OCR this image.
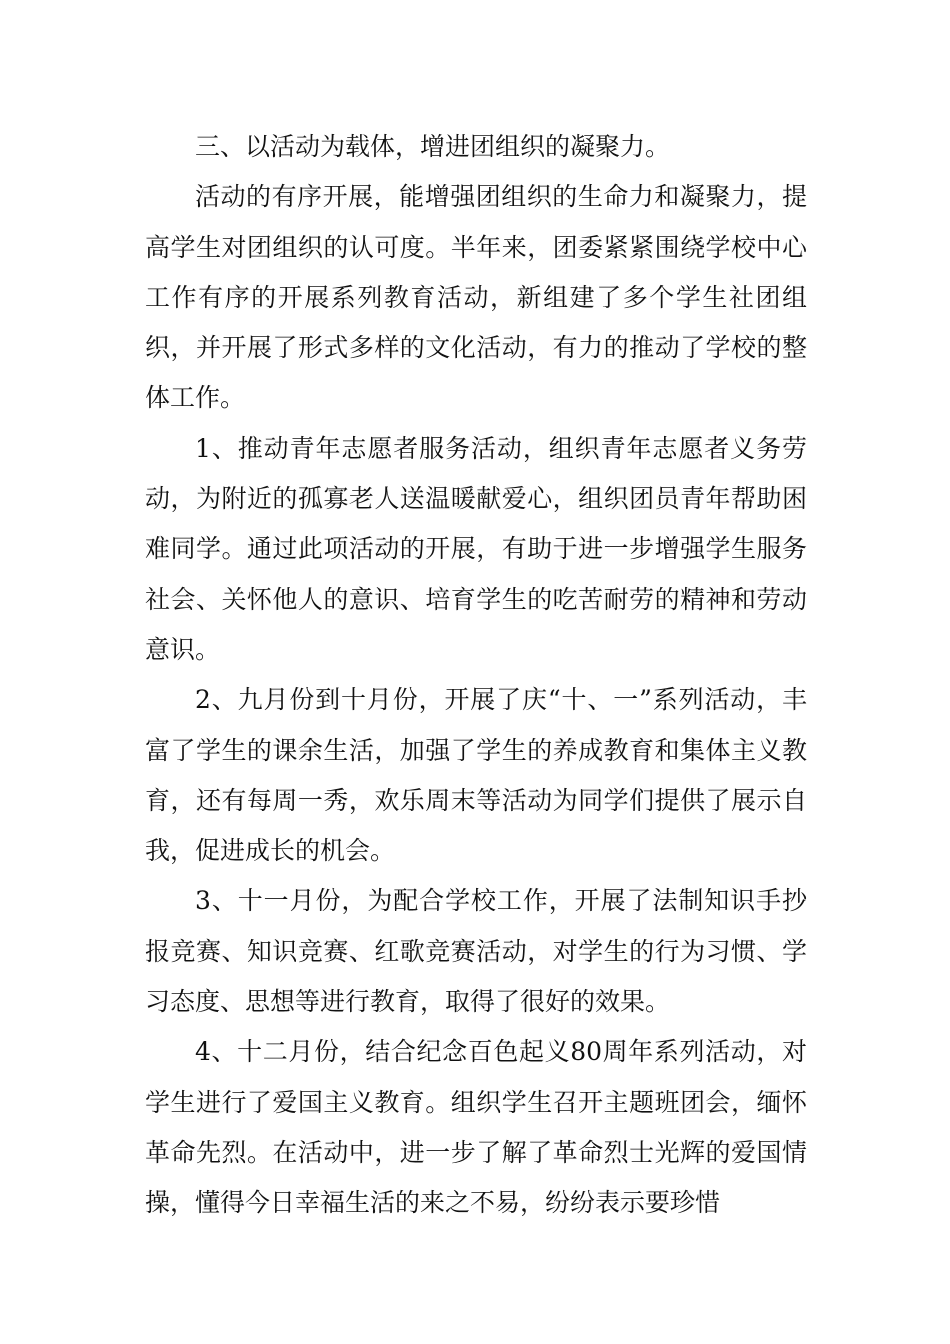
三、以活动为载体，增进团组织的凝聚力。

活动的有序开展，能增强团组织的生命力和凝聚力，提高学生对团组织的认可度。半年来，团委紧紧围绕学校中心工作有序的开展系列教育活动，新组建了多个学生社团组织，并开展了形式多样的文化活动，有力的推动了学校的整体工作。

1、推动青年志愿者服务活动，组织青年志愿者义务劳动，为附近的孤寡老人送温暖献爱心，组织团员青年帮助困难同学。通过此项活动的开展，有助于进一步增强学生服务社会、关怀他人的意识、培育学生的吃苦耐劳的精神和劳动意识。

2、九月份到十月份，开展了庆“十、一”系列活动，丰富了学生的课余生活，加强了学生的养成教育和集体主义教育，还有每周一秀，欢乐周末等活动为同学们提供了展示自我，促进成长的机会。

3、十一月份，为配合学校工作，开展了法制知识手抄报竞赛、知识竞赛、红歌竞赛活动，对学生的行为习惯、学习态度、思想等进行教育，取得了很好的效果。

4、十二月份，结合纪念百色起义80周年系列活动，对学生进行了爱国主义教育。组织学生召开主题班团会，缅怀革命先烈。在活动中，进一步了解了革命烈士光辉的爱国情操，懂得今日幸福生活的来之不易，纷纷表示要珍惜
